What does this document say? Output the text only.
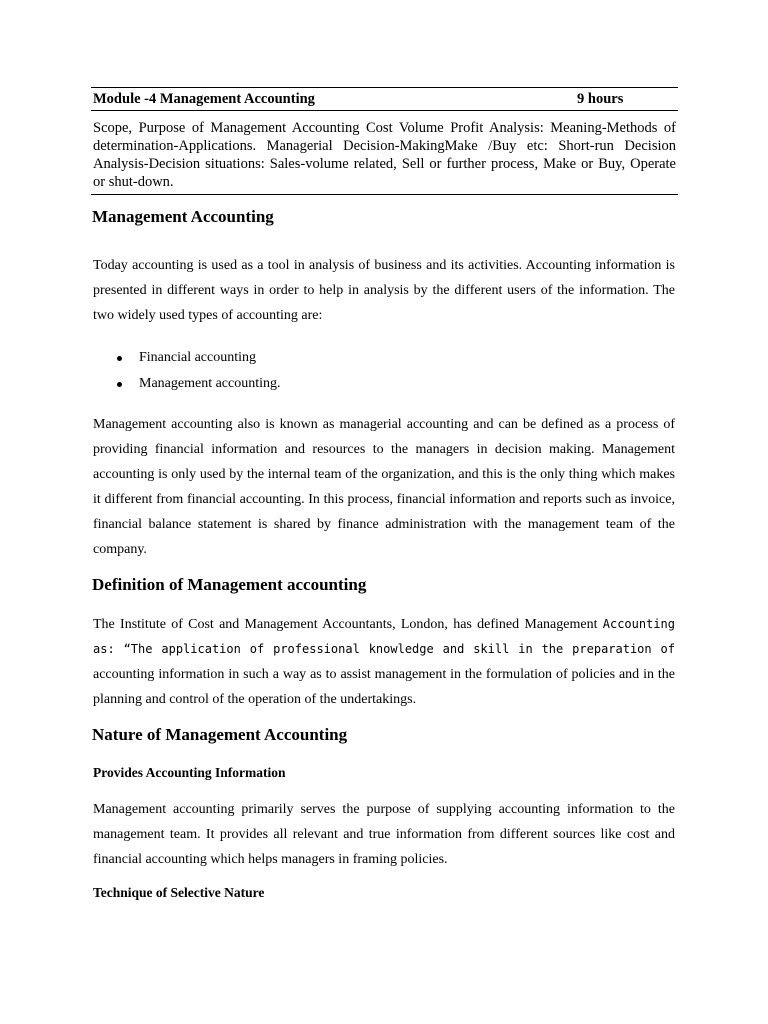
Module -4 Management Accounting	9 hours
Scope, Purpose of Management Accounting Cost Volume Profit Analysis: Meaning-Methods of determination-Applications. Managerial Decision-MakingMake /Buy etc: Short-run Decision Analysis-Decision situations: Sales-volume related, Sell or further process, Make or Buy, Operate or shut-down.
Management Accounting
Today accounting is used as a tool in analysis of business and its activities. Accounting information is presented in different ways in order to help in analysis by the different users of the information. The two widely used types of accounting are:
Financial accounting
Management accounting.
Management accounting also is known as managerial accounting and can be defined as a process of providing financial information and resources to the managers in decision making. Management accounting is only used by the internal team of the organization, and this is the only thing which makes it different from financial accounting. In this process, financial information and reports such as invoice, financial balance statement is shared by finance administration with the management team of the company.
Definition of Management accounting
The Institute of Cost and Management Accountants, London, has defined Management Accounting as: “The application of professional knowledge and skill in the preparation of accounting information in such a way as to assist management in the formulation of policies and in the planning and control of the operation of the undertakings.
Nature of Management Accounting
Provides Accounting Information
Management accounting primarily serves the purpose of supplying accounting information to the management team. It provides all relevant and true information from different sources like cost and financial accounting which helps managers in framing policies.
Technique of Selective Nature
